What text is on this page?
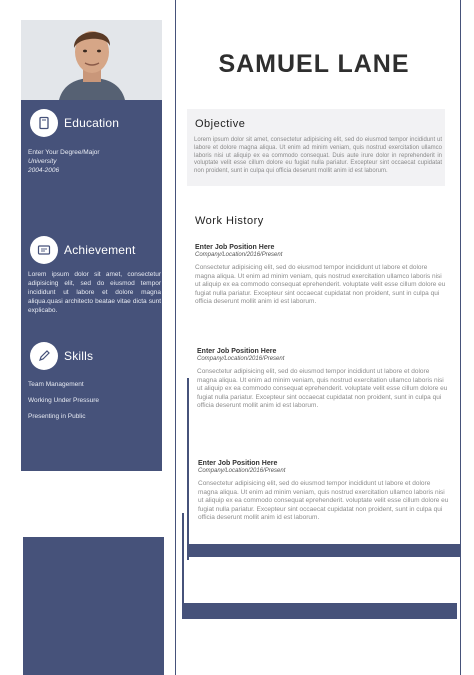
Education
Enter Your Degree/Major
University
2004-2006
Achievement
Lorem ipsum dolor sit amet, consectetur adipisicing elit, sed do eiusmod tempor incididunt ut labore et dolore magna aliqua.quasi architecto beatae vitae dicta sunt explicabo.
Skills
Team Management
Working Under Pressure
Presenting in Public
SAMUEL LANE
Objective
Lorem ipsum dolor sit amet, consectetur adipisicing elit, sed do eiusmod tempor incididunt ut labore et dolore magna aliqua. Ut enim ad minim veniam, quis nostrud exercitation ullamco laboris nisi ut aliquip ex ea commodo consequat. Duis aute irure dolor in reprehenderit in voluptate velit esse cillum dolore eu fugiat nulla pariatur. Excepteur sint occaecat cupidatat non proident, sunt in culpa qui officia deserunt mollit anim id est laborum.
Work History
Enter Job Position Here
Company/Location/2016/Present
Consectetur adipisicing elit, sed do eiusmod tempor incididunt ut labore et dolore magna aliqua. Ut enim ad minim veniam, quis nostrud exercitation ullamco laboris nisi ut aliquip ex ea commodo consequat eprehenderit. voluptate velit esse cillum dolore eu fugiat nulla pariatur. Excepteur sint occaecat cupidatat non proident, sunt in culpa qui officia deserunt mollit anim id est laborum.
Enter Job Position Here
Company/Location/2016/Present
Consectetur adipisicing elit, sed do eiusmod tempor incididunt ut labore et dolore magna aliqua. Ut enim ad minim veniam, quis nostrud exercitation ullamco laboris nisi ut aliquip ex ea commodo consequat eprehenderit. voluptate velit esse cillum dolore eu fugiat nulla pariatur. Excepteur sint occaecat cupidatat non proident, sunt in culpa qui officia deserunt mollit anim id est laborum.
Enter Job Position Here
Company/Location/2016/Present
Consectetur adipisicing elit, sed do eiusmod tempor incididunt ut labore et dolore magna aliqua. Ut enim ad minim veniam, quis nostrud exercitation ullamco laboris nisi ut aliquip ex ea commodo consequat eprehenderit. voluptate velit esse cillum dolore eu fugiat nulla pariatur. Excepteur sint occaecat cupidatat non proident, sunt in culpa qui officia deserunt mollit anim id est laborum.
